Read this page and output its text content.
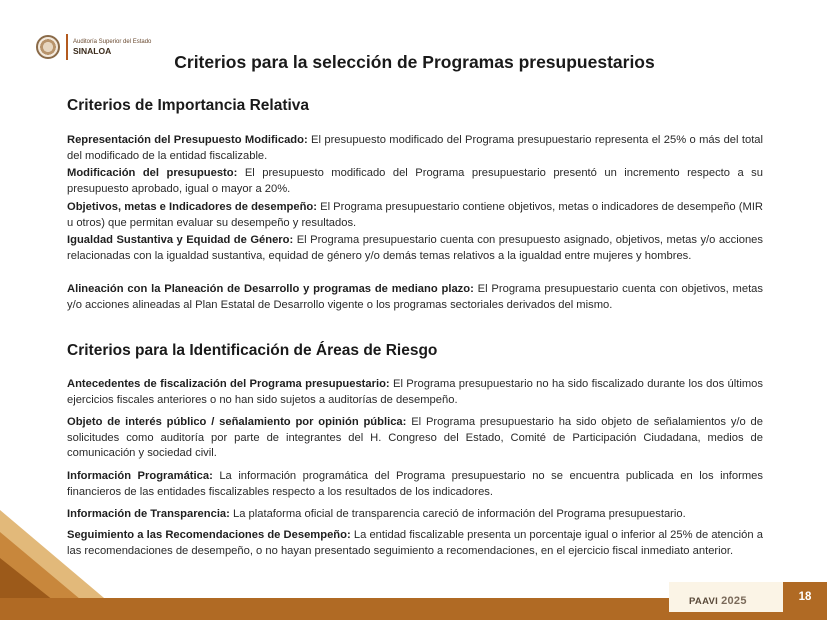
Auditoría Superior del Estado
SINALOA
Criterios para la selección de Programas presupuestarios
Criterios de Importancia Relativa
Representación del Presupuesto Modificado: El presupuesto modificado del Programa presupuestario representa el 25% o más del total del modificado de la entidad fiscalizable.
Modificación del presupuesto: El presupuesto modificado del Programa presupuestario presentó un incremento respecto a su presupuesto aprobado, igual o mayor a 20%.
Objetivos, metas e Indicadores de desempeño: El Programa presupuestario contiene objetivos, metas o indicadores de desempeño (MIR u otros) que permitan evaluar su desempeño y resultados.
Igualdad Sustantiva y Equidad de Género: El Programa presupuestario cuenta con presupuesto asignado, objetivos, metas y/o acciones relacionadas con la igualdad sustantiva, equidad de género y/o demás temas relativos a la igualdad entre mujeres y hombres.
Alineación con la Planeación de Desarrollo y programas de mediano plazo: El Programa presupuestario cuenta con objetivos, metas y/o acciones alineadas al Plan Estatal de Desarrollo vigente o los programas sectoriales derivados del mismo.
Criterios para la Identificación de Áreas de Riesgo
Antecedentes de fiscalización del Programa presupuestario: El Programa presupuestario no ha sido fiscalizado durante los dos últimos ejercicios fiscales anteriores o no han sido sujetos a auditorías de desempeño.
Objeto de interés público / señalamiento por opinión pública: El Programa presupuestario ha sido objeto de señalamientos y/o de solicitudes como auditoría por parte de integrantes del H. Congreso del Estado, Comité de Participación Ciudadana, medios de comunicación y sociedad civil.
Información Programática: La información programática del Programa presupuestario no se encuentra publicada en los informes financieros de las entidades fiscalizables respecto a los resultados de los indicadores.
Información de Transparencia: La plataforma oficial de transparencia careció de información del Programa presupuestario.
Seguimiento a las Recomendaciones de Desempeño: La entidad fiscalizable presenta un porcentaje igual o inferior al 25% de atención a las recomendaciones de desempeño, o no hayan presentado seguimiento a recomendaciones, en el ejercicio fiscal inmediato anterior.
PAAVI 2025	18
